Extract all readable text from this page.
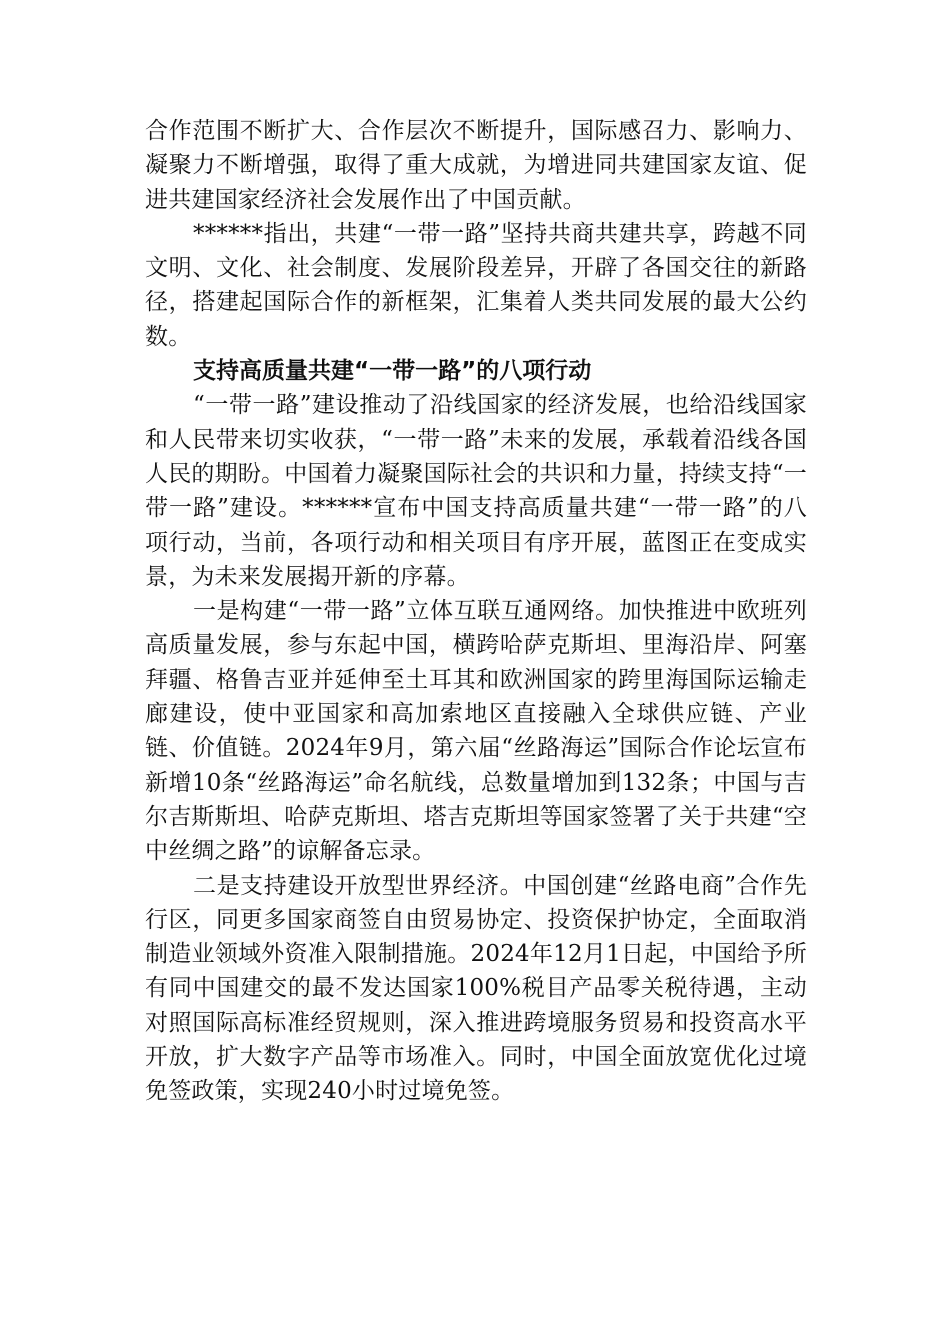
合作范围不断扩大、合作层次不断提升，国际感召力、影响力、凝聚力不断增强，取得了重大成就，为增进同共建国家友谊、促进共建国家经济社会发展作出了中国贡献。

******指出，共建“一带一路”坚持共商共建共享，跨越不同文明、文化、社会制度、发展阶段差异，开辟了各国交往的新路径，搭建起国际合作的新框架，汇集着人类共同发展的最大公约数。

支持高质量共建“一带一路”的八项行动

“一带一路”建设推动了沿线国家的经济发展，也给沿线国家和人民带来切实收获，“一带一路”未来的发展，承载着沿线各国人民的期盼。中国着力凝聚国际社会的共识和力量，持续支持“一带一路”建设。******宣布中国支持高质量共建“一带一路”的八项行动，当前，各项行动和相关项目有序开展，蓝图正在变成实景，为未来发展揭开新的序幕。

一是构建“一带一路”立体互联互通网络。加快推进中欧班列高质量发展，参与东起中国，横跨哈萨克斯坦、里海沿岸、阿塞拜疆、格鲁吉亚并延伸至土耳其和欧洲国家的跨里海国际运输走廊建设，使中亚国家和高加索地区直接融入全球供应链、产业链、价值链。2024年9月，第六届“丝路海运”国际合作论坛宣布新增10条“丝路海运”命名航线，总数量增加到132条；中国与吉尔吉斯斯坦、哈萨克斯坦、塔吉克斯坦等国家签署了关于共建“空中丝绸之路”的谅解备忘录。

二是支持建设开放型世界经济。中国创建“丝路电商”合作先行区，同更多国家商签自由贸易协定、投资保护协定，全面取消制造业领域外资准入限制措施。2024年12月1日起，中国给予所有同中国建交的最不发达国家100%税目产品零关税待遇，主动对照国际高标准经贸规则，深入推进跨境服务贸易和投资高水平开放，扩大数字产品等市场准入。同时，中国全面放宽优化过境免签政策，实现240小时过境免签。
